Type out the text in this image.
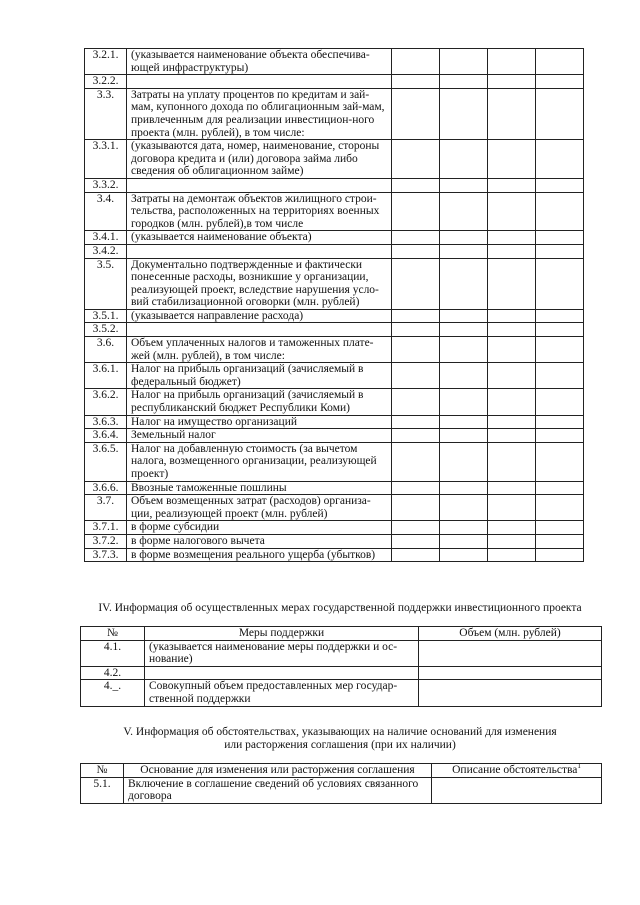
3.2.1.	(указывается наименование объекта обеспечива-ющей инфраструктуры)				
3.2.2.					
3.3.	Затраты на уплату процентов по кредитам и зай-мам, купонного дохода по облигационным зай-мам, привлеченным для реализации инвестицион-ного проекта (млн. рублей), в том числе:				
3.3.1.	(указываются дата, номер, наименование, стороны договора кредита и (или) договора займа либо сведения об облигационном займе)				
3.3.2.					
3.4.	Затраты на демонтаж объектов жилищного строи-тельства, расположенных на территориях военных городков (млн. рублей),в том числе				
3.4.1.	(указывается наименование объекта)				
3.4.2.					
3.5.	Документально подтвержденные и фактически понесенные расходы, возникшие у организации, реализующей проект, вследствие нарушения усло-вий стабилизационной оговорки (млн. рублей)				
3.5.1.	(указывается направление расхода)				
3.5.2.					
3.6.	Объем уплаченных налогов и таможенных плате-жей (млн. рублей), в том числе:				
3.6.1.	Налог на прибыль организаций (зачисляемый в федеральный бюджет)				
3.6.2.	Налог на прибыль организаций (зачисляемый в республиканский бюджет Республики Коми)				
3.6.3.	Налог на имущество организаций				
3.6.4.	Земельный налог				
3.6.5.	Налог на добавленную стоимость (за вычетом налога, возмещенного организации, реализующей проект)				
3.6.6.	Ввозные таможенные пошлины				
3.7.	Объем возмещенных затрат (расходов) организа-ции, реализующей проект (млн. рублей)				
3.7.1.	в форме субсидии				
3.7.2.	в форме налогового вычета				
3.7.3.	в форме возмещения реального ущерба (убытков)				
IV. Информация об осуществленных мерах государственной поддержки инвестиционного проекта
№	Меры поддержки	Объем (млн. рублей)
4.1.	(указывается наименование меры поддержки и ос-нование)	
4.2.		
4._.	Совокупный объем предоставленных мер государ-ственной поддержки	
V. Информация об обстоятельствах, указывающих на наличие оснований для изменения
или расторжения соглашения (при их наличии)
№	Основание для изменения или расторжения соглашения	Описание обстоятельства$^1$
5.1.	Включение в соглашение сведений об условиях связанного договора	
